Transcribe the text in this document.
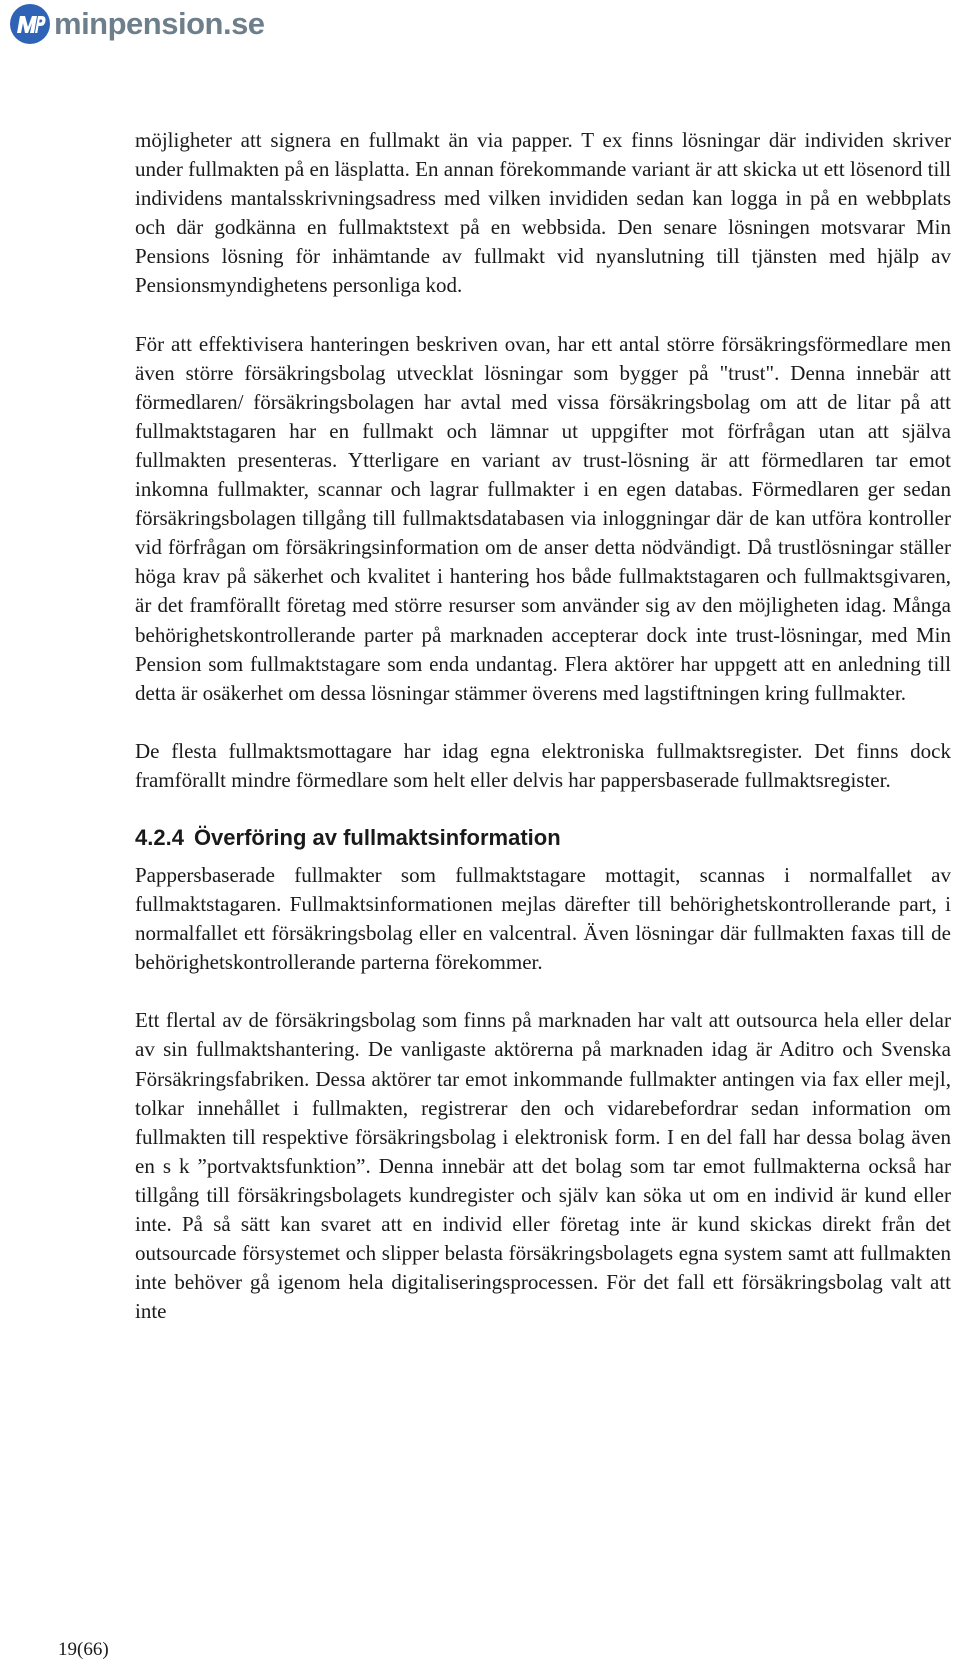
minpension.se

möjligheter att signera en fullmakt än via papper. T ex finns lösningar där individen skriver under fullmakten på en läsplatta. En annan förekommande variant är att skicka ut ett lösenord till individens mantalsskrivningsadress med vilken invididen sedan kan logga in på en webbplats och där godkänna en fullmaktstext på en webbsida. Den senare lösningen motsvarar Min Pensions lösning för inhämtande av fullmakt vid nyanslutning till tjänsten med hjälp av Pensionsmyndighetens personliga kod.

För att effektivisera hanteringen beskriven ovan, har ett antal större försäkringsförmedlare men även större försäkringsbolag utvecklat lösningar som bygger på "trust". Denna innebär att förmedlaren/ försäkringsbolagen har avtal med vissa försäkringsbolag om att de litar på att fullmaktstagaren har en fullmakt och lämnar ut uppgifter mot förfrågan utan att själva fullmakten presenteras. Ytterligare en variant av trust-lösning är att förmedlaren tar emot inkomna fullmakter, scannar och lagrar fullmakter i en egen databas. Förmedlaren ger sedan försäkringsbolagen tillgång till fullmaktsdatabasen via inloggningar där de kan utföra kontroller vid förfrågan om försäkringsinformation om de anser detta nödvändigt. Då trustlösningar ställer höga krav på säkerhet och kvalitet i hantering hos både fullmaktstagaren och fullmaktsgivaren, är det framförallt företag med större resurser som använder sig av den möjligheten idag. Många behörighetskontrollerande parter på marknaden accepterar dock inte trust-lösningar, med Min Pension som fullmaktstagare som enda undantag. Flera aktörer har uppgett att en anledning till detta är osäkerhet om dessa lösningar stämmer överens med lagstiftningen kring fullmakter.

De flesta fullmaktsmottagare har idag egna elektroniska fullmaktsregister. Det finns dock framförallt mindre förmedlare som helt eller delvis har pappersbaserade fullmaktsregister.

4.2.4 Överföring av fullmaktsinformation

Pappersbaserade fullmakter som fullmaktstagare mottagit, scannas i normalfallet av fullmaktstagaren. Fullmaktsinformationen mejlas därefter till behörighetskontrollerande part, i normalfallet ett försäkringsbolag eller en valcentral. Även lösningar där fullmakten faxas till de behörighetskontrollerande parterna förekommer.

Ett flertal av de försäkringsbolag som finns på marknaden har valt att outsourca hela eller delar av sin fullmaktshantering. De vanligaste aktörerna på marknaden idag är Aditro och Svenska Försäkringsfabriken. Dessa aktörer tar emot inkommande fullmakter antingen via fax eller mejl, tolkar innehållet i fullmakten, registrerar den och vidarebefordrar sedan information om fullmakten till respektive försäkringsbolag i elektronisk form. I en del fall har dessa bolag även en s k ”portvaktsfunktion”. Denna innebär att det bolag som tar emot fullmakterna också har tillgång till försäkringsbolagets kundregister och själv kan söka ut om en individ är kund eller inte. På så sätt kan svaret att en individ eller företag inte är kund skickas direkt från det outsourcade försystemet och slipper belasta försäkringsbolagets egna system samt att fullmakten inte behöver gå igenom hela digitaliseringsprocessen. För det fall ett försäkringsbolag valt att inte

19(66)
